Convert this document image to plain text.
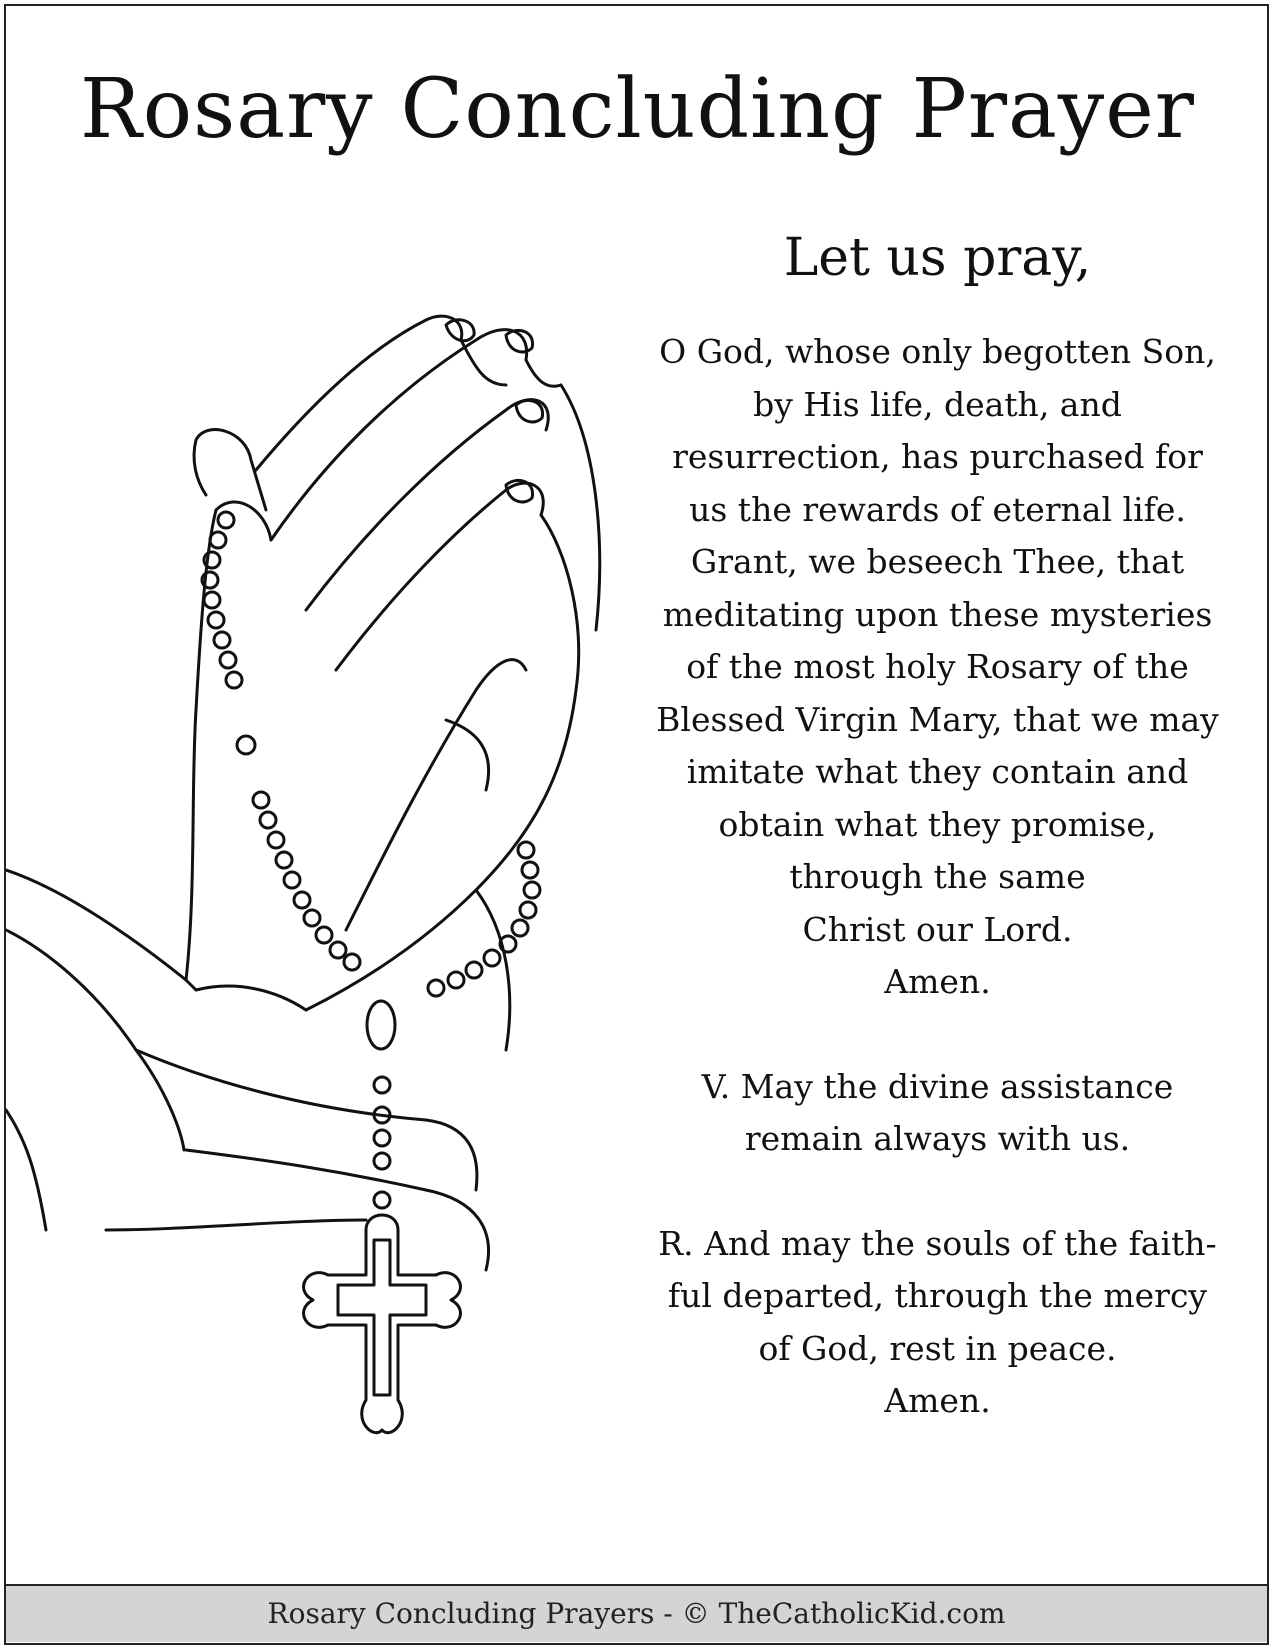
Rosary Concluding Prayer

Let us pray,

O God, whose only begotten Son,

by His life, death, and

resurrection, has purchased for

us the rewards of eternal life.

Grant, we beseech Thee, that

meditating upon these mysteries

of the most holy Rosary of the

Blessed Virgin Mary, that we may

imitate what they contain and

obtain what they promise,

through the same

Christ our Lord.

Amen.

V. May the divine assistance

remain always with us.

R. And may the souls of the faith-

ful departed, through the mercy

of God, rest in peace.

Amen.

Rosary Concluding Prayers - © TheCatholicKid.com
